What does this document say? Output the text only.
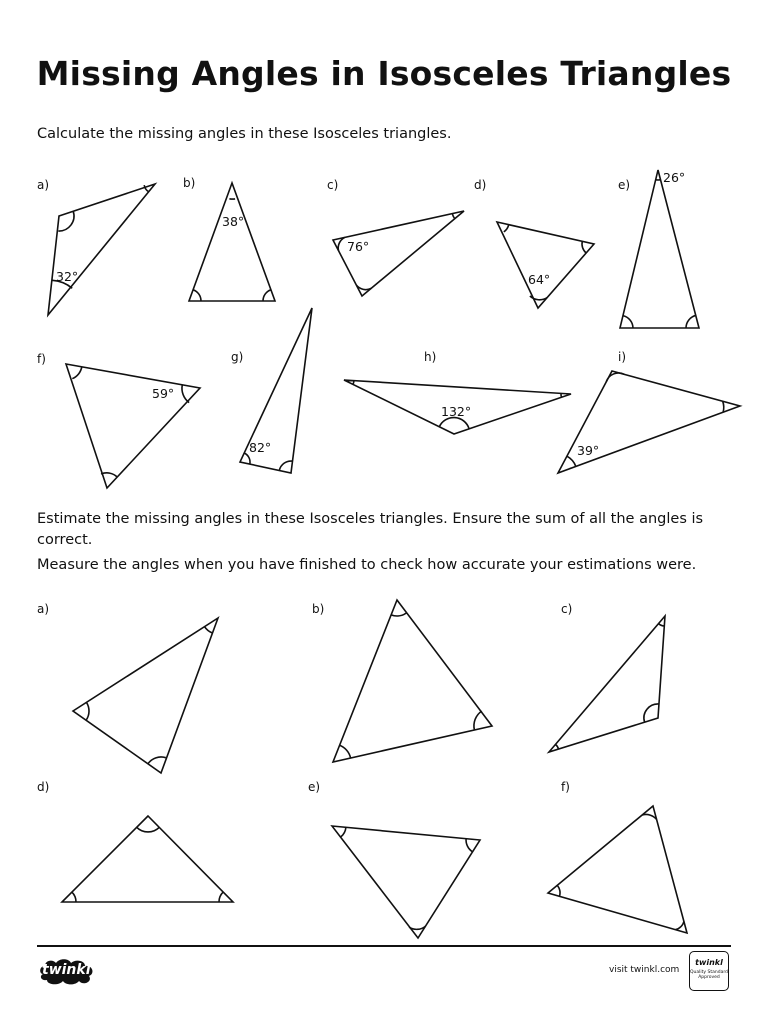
Missing Angles in Isosceles Triangles

Calculate the missing angles in these Isosceles triangles.

a)	b)	c)	d)	e)
f)	g)	h)	i)

Estimate the missing angles in these Isosceles triangles. Ensure the sum of all the angles is correct.

Measure the angles when you have finished to check how accurate your estimations were.

a)	b)	c)
d)	e)	f)
32°
38°
76°
64°
26°
59°
82°
132°
39°
twinkl	visit twinkl.com
twinkl
Quality Standard Approved
